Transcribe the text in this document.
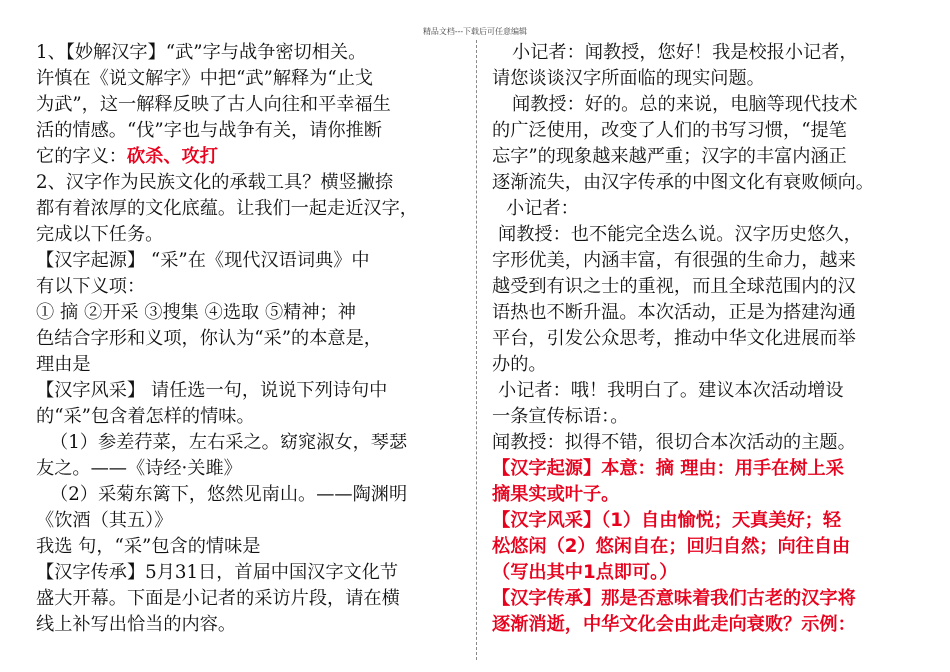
精品文档---下载后可任意编辑
1、【妙解汉字】“武”字与战争密切相关。
许慎在《说文解字》中把“武”解释为“止戈
为武”，这一解释反映了古人向往和平幸福生
活的情感。“伐”字也与战争有关，请你推断
它的字义：砍杀、攻打
2、汉字作为民族文化的承载工具？横竖撇捺
都有着浓厚的文化底蕴。让我们一起走近汉字，
完成以下任务。
【汉字起源】 “采”在《现代汉语词典》中
有以下义项：
① 摘 ②开采 ③搜集 ④选取 ⑤精神；神
色结合字形和义项，你认为“采”的本意是，
理由是
【汉字风采】 请任选一句，说说下列诗句中
的“采”包含着怎样的情味。
（1）参差荇菜，左右采之。窈窕淑女，琴瑟
友之。——《诗经·关雎》
（2）采菊东篱下，悠然见南山。——陶渊明
《饮酒（其五）》
我选 句，“采”包含的情味是
【汉字传承】5月31日，首届中国汉字文化节
盛大开幕。下面是小记者的采访片段，请在横
线上补写出恰当的内容。
小记者：闻教授，您好！我是校报小记者，
请您谈谈汉字所面临的现实问题。
闻教授：好的。总的来说，电脑等现代技术
的广泛使用，改变了人们的书写习惯，“提笔
忘字”的现象越来越严重；汉字的丰富内涵正
逐渐流失，由汉字传承的中图文化有衰败倾向。
小记者：
闻教授：也不能完全迭么说。汉字历史悠久，
字形优美，内涵丰富，有很强的生命力，越来
越受到有识之士的重视，而且全球范围内的汉
语热也不断升温。本次活动，正是为搭建沟通
平台，引发公众思考，推动中华文化进展而举
办的。
小记者：哦！我明白了。建议本次活动增设
一条宣传标语：。
闻教授：拟得不错，很切合本次活动的主题。
【汉字起源】本意：摘 理由：用手在树上采
摘果实或叶子。
【汉字风采】（1）自由愉悦；天真美好；轻
松悠闲（2）悠闲自在；回归自然；向往自由
（写出其中1点即可。）
【汉字传承】那是否意味着我们古老的汉字将
逐渐消逝，中华文化会由此走向衰败？示例：
